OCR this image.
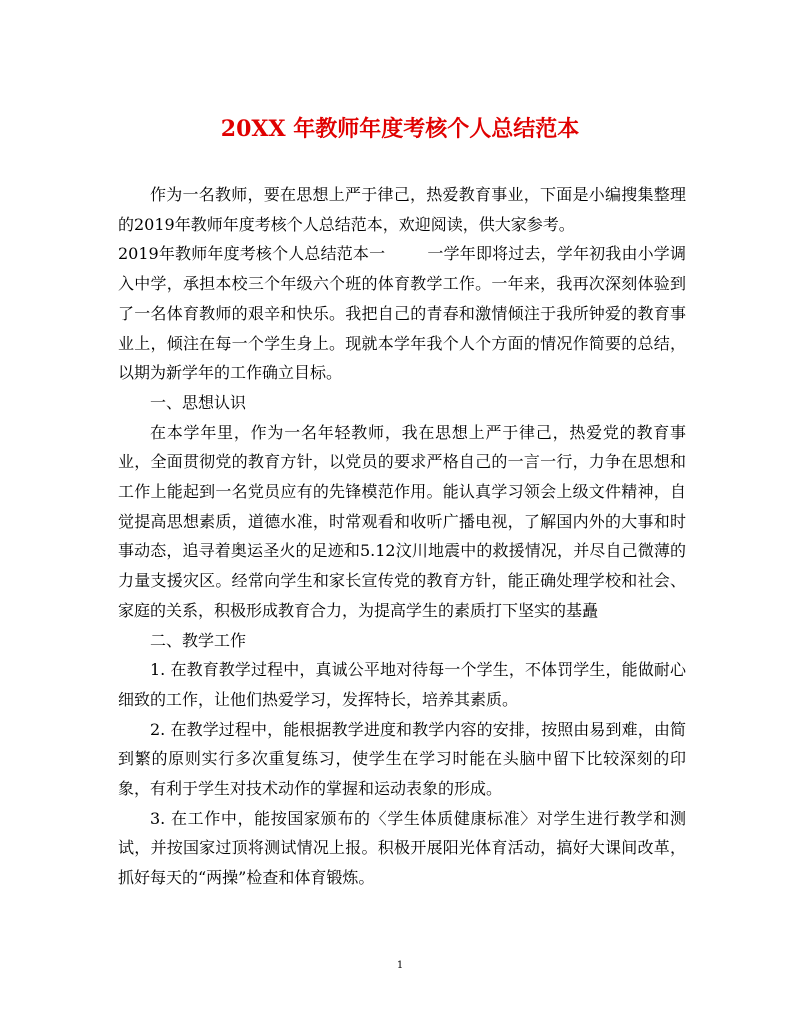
20XX 年教师年度考核个人总结范本

作为一名教师，要在思想上严于律己，热爱教育事业，下面是小编搜集整理的2019年教师年度考核个人总结范本，欢迎阅读，供大家参考。

2019年教师年度考核个人总结范本一	一学年即将过去，学年初我由小学调入中学，承担本校三个年级六个班的体育教学工作。一年来，我再次深刻体验到了一名体育教师的艰辛和快乐。我把自己的青春和激情倾注于我所钟爱的教育事业上，倾注在每一个学生身上。现就本学年我个人个方面的情况作简要的总结，以期为新学年的工作确立目标。

一、思想认识

在本学年里，作为一名年轻教师，我在思想上严于律己，热爱党的教育事业，全面贯彻党的教育方针，以党员的要求严格自己的一言一行，力争在思想和工作上能起到一名党员应有的先锋模范作用。能认真学习领会上级文件精神，自觉提高思想素质，道德水准，时常观看和收听广播电视，了解国内外的大事和时事动态，追寻着奥运圣火的足迹和5.12汶川地震中的救援情况，并尽自己微薄的力量支援灾区。经常向学生和家长宣传党的教育方针，能正确处理学校和社会、家庭的关系，积极形成教育合力，为提高学生的素质打下坚实的基矗

二、教学工作

1. 在教育教学过程中，真诚公平地对待每一个学生，不体罚学生，能做耐心细致的工作，让他们热爱学习，发挥特长，培养其素质。

2. 在教学过程中，能根据教学进度和教学内容的安排，按照由易到难，由简到繁的原则实行多次重复练习，使学生在学习时能在头脑中留下比较深刻的印象，有利于学生对技术动作的掌握和运动表象的形成。

3. 在工作中，能按国家颁布的〈学生体质健康标准〉对学生进行教学和测试，并按国家过顶将测试情况上报。积极开展阳光体育活动，搞好大课间改革，抓好每天的“两操”检查和体育锻炼。

1
